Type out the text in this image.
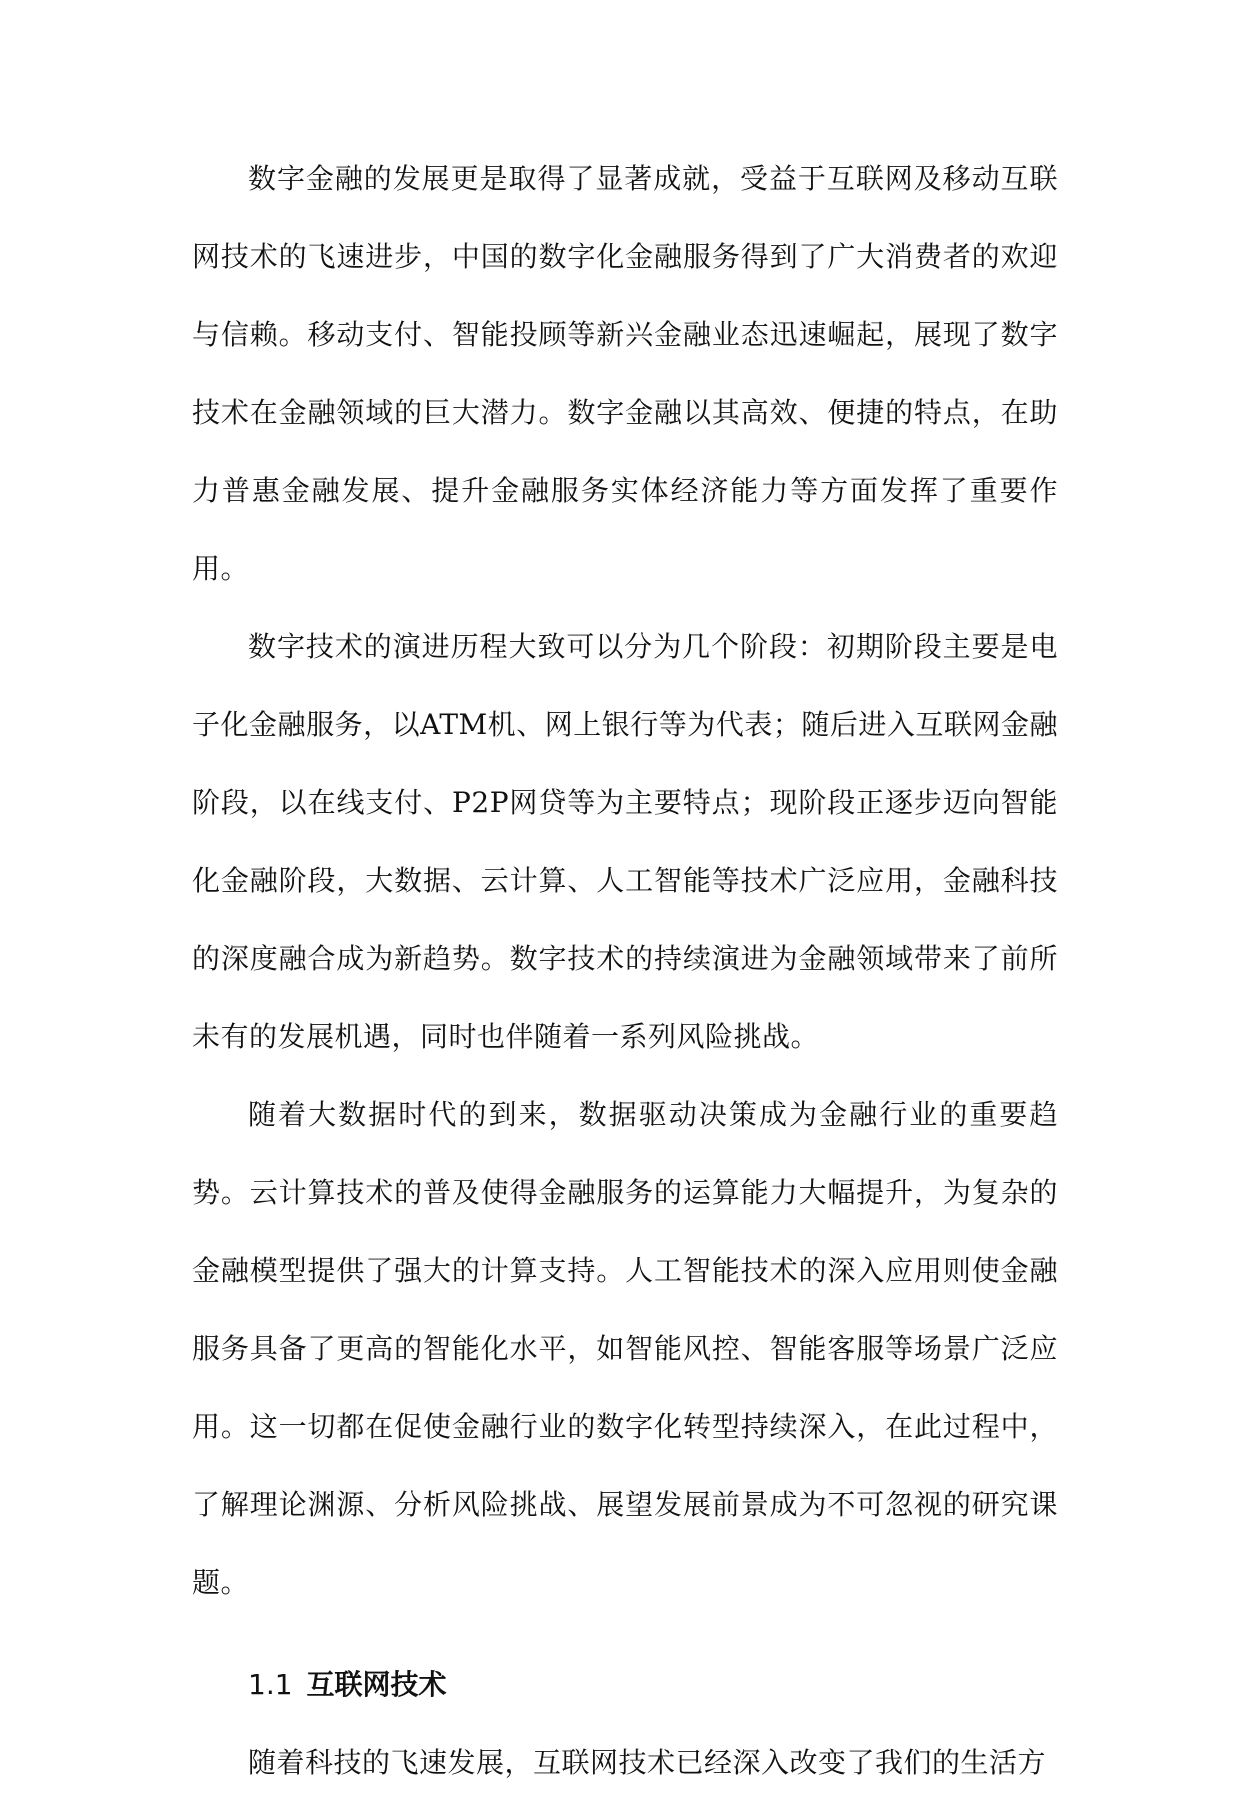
数字金融的发展更是取得了显著成就，受益于互联网及移动互联网技术的飞速进步，中国的数字化金融服务得到了广大消费者的欢迎与信赖。移动支付、智能投顾等新兴金融业态迅速崛起，展现了数字技术在金融领域的巨大潜力。数字金融以其高效、便捷的特点，在助力普惠金融发展、提升金融服务实体经济能力等方面发挥了重要作用。

数字技术的演进历程大致可以分为几个阶段：初期阶段主要是电子化金融服务，以ATM机、网上银行等为代表；随后进入互联网金融阶段，以在线支付、P2P网贷等为主要特点；现阶段正逐步迈向智能化金融阶段，大数据、云计算、人工智能等技术广泛应用，金融科技的深度融合成为新趋势。数字技术的持续演进为金融领域带来了前所未有的发展机遇，同时也伴随着一系列风险挑战。

随着大数据时代的到来，数据驱动决策成为金融行业的重要趋势。云计算技术的普及使得金融服务的运算能力大幅提升，为复杂的金融模型提供了强大的计算支持。人工智能技术的深入应用则使金融服务具备了更高的智能化水平，如智能风控、智能客服等场景广泛应用。这一切都在促使金融行业的数字化转型持续深入，在此过程中，了解理论渊源、分析风险挑战、展望发展前景成为不可忽视的研究课题。

1.1 互联网技术

随着科技的飞速发展，互联网技术已经深入改变了我们的生活方
